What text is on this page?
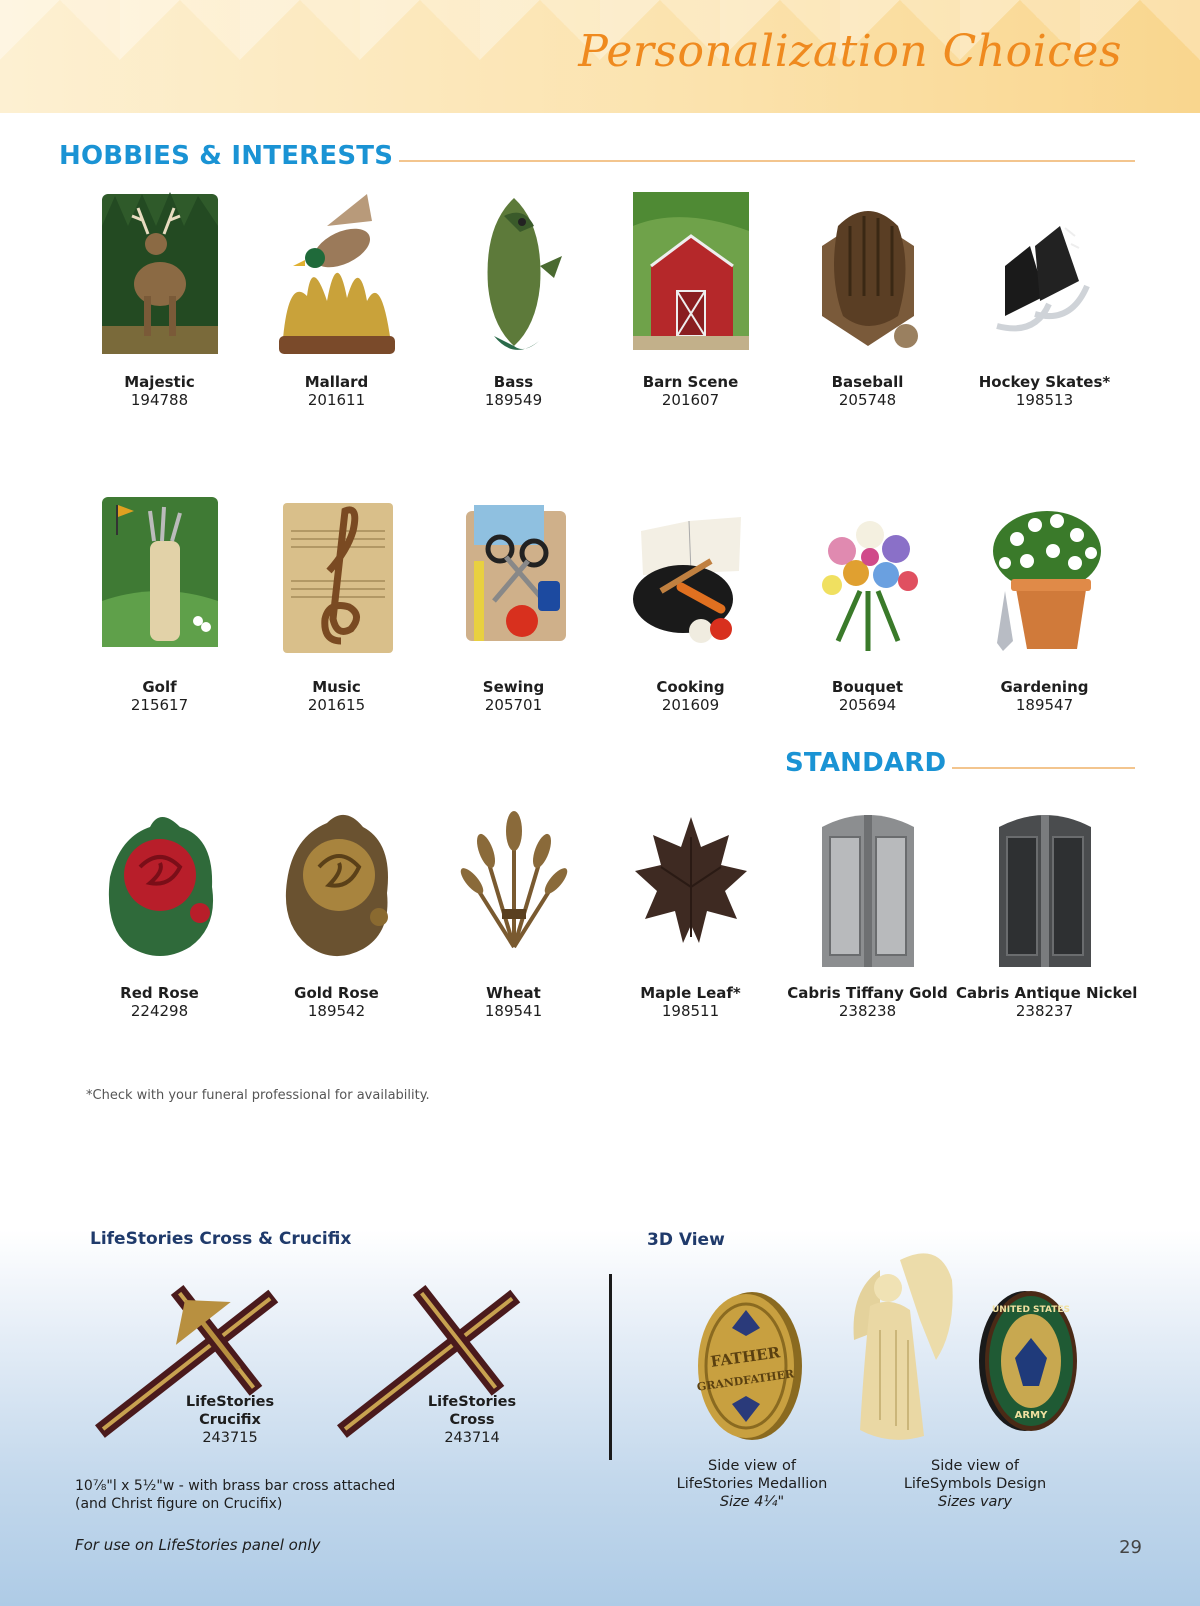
Personalization Choices
HOBBIES & INTERESTS
Majestic
194788
Mallard
201611
Bass
189549
Barn Scene
201607
Baseball
205748
Hockey Skates*
198513
Golf
215617
Music
201615
Sewing
205701
Cooking
201609
Bouquet
205694
Gardening
189547
STANDARD
Red Rose
224298
Gold Rose
189542
Wheat
189541
Maple Leaf*
198511
Cabris Tiffany Gold
238238
Cabris Antique Nickel
238237
*Check with your funeral professional for availability.
LifeStories Cross & Crucifix
LifeStories
Crucifix
243715
LifeStories
Cross
243714
10⅞"l x 5½"w - with brass bar cross attached
(and Christ figure on Crucifix)
For use on LifeStories panel only
3D View
FATHER
GRANDFATHER
UNITED STATES
ARMY
Side view of
LifeStories Medallion
Size 4¼"
Side view of
LifeSymbols Design
Sizes vary
29
